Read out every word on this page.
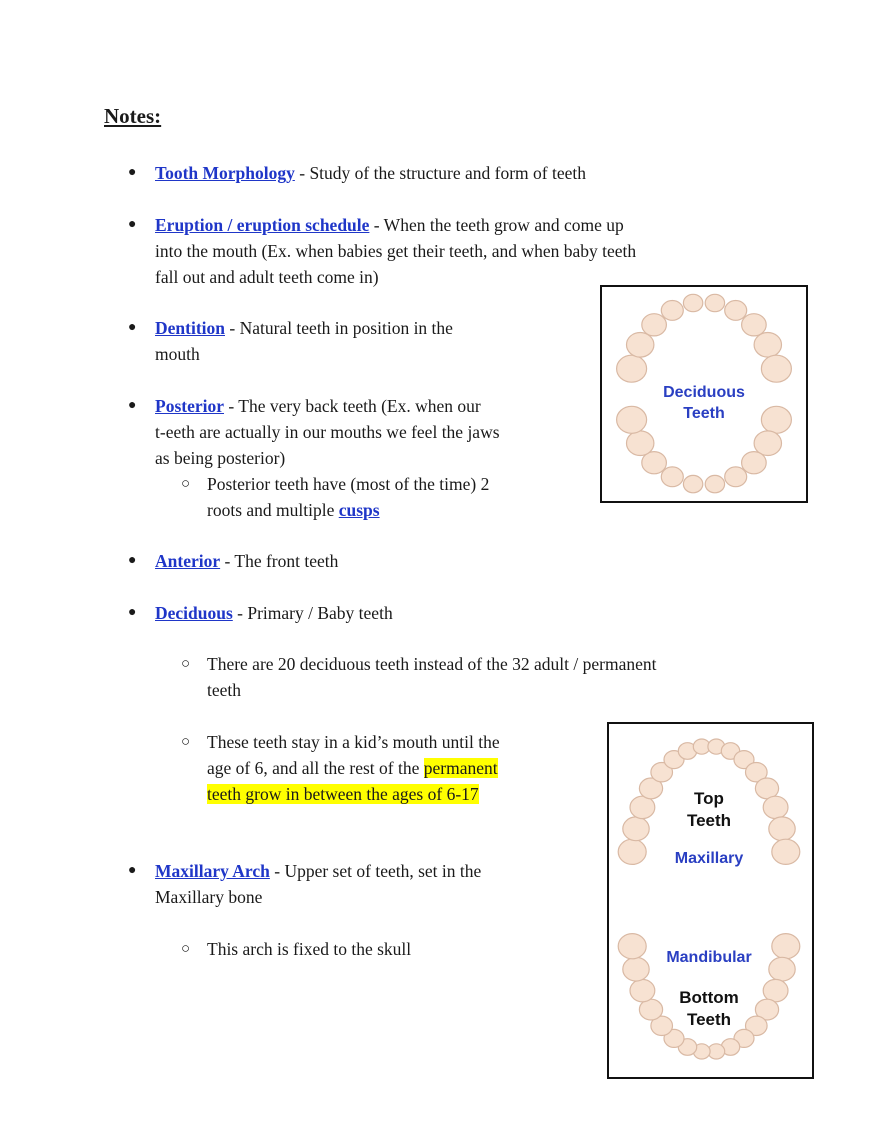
Notes:
● Tooth Morphology - Study of the structure and form of teeth
● Eruption / eruption schedule - When the teeth grow and come up
into the mouth (Ex. when babies get their teeth, and when baby teeth
fall out and adult teeth come in)
● Dentition - Natural teeth in position in the
mouth
● Posterior - The very back teeth (Ex. when our
t-eeth are actually in our mouths we feel the jaws
as being posterior)
○ Posterior teeth have (most of the time) 2
roots and multiple cusps
● Anterior - The front teeth
● Deciduous - Primary / Baby teeth
○ There are 20 deciduous teeth instead of the 32 adult / permanent
teeth
○ These teeth stay in a kid’s mouth until the
age of 6, and all the rest of the permanent
teeth grow in between the ages of 6-17
● Maxillary Arch - Upper set of teeth, set in the
Maxillary bone
○ This arch is fixed to the skull
Deciduous
Teeth
Top
Teeth
Maxillary
Mandibular
Bottom
Teeth
